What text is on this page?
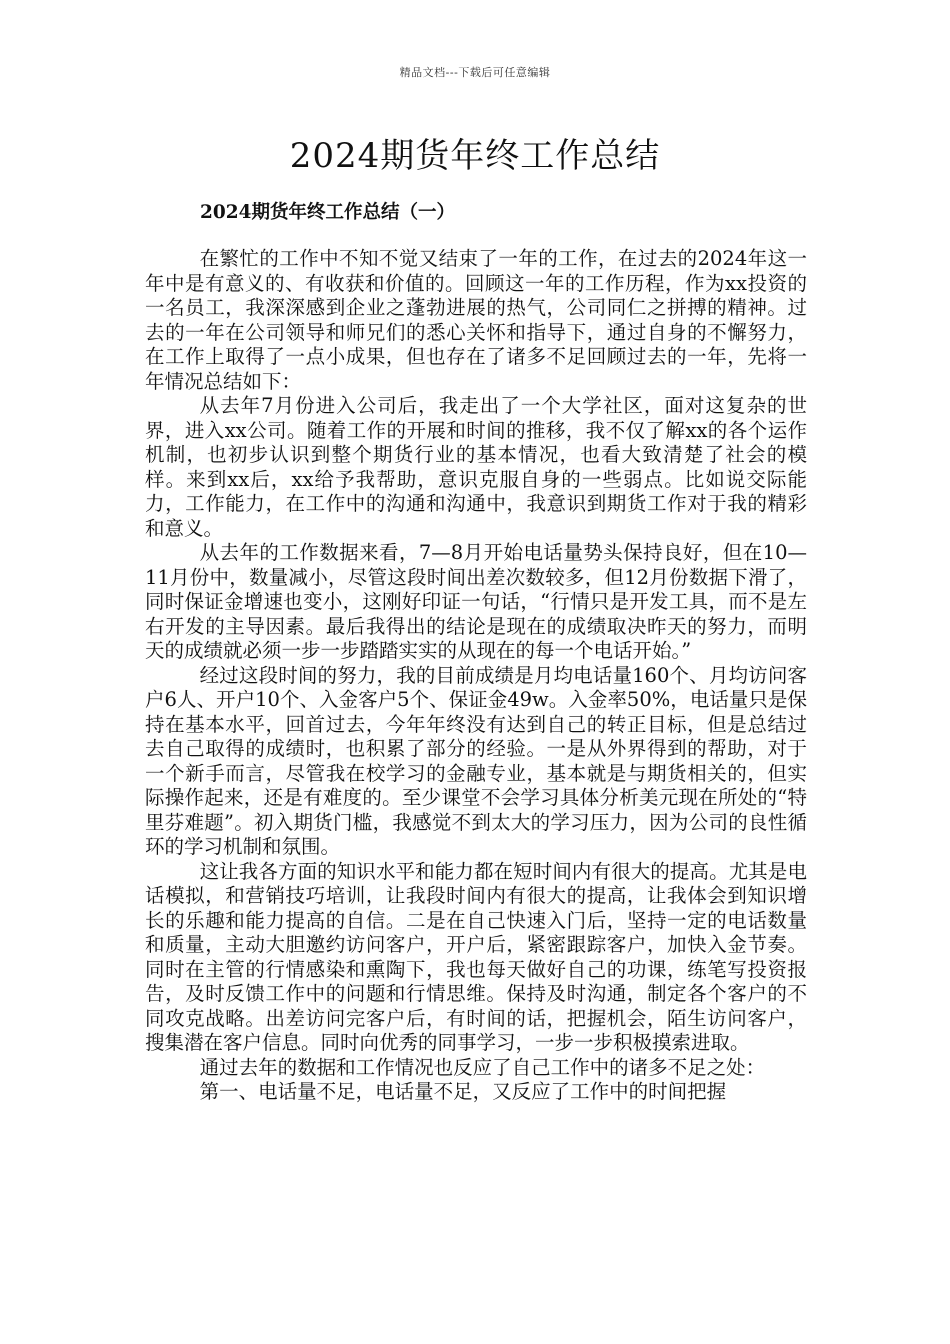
精品文档---下载后可任意编辑
2024期货年终工作总结
2024期货年终工作总结（一）

在繁忙的工作中不知不觉又结束了一年的工作，在过去的2024年这一年中是有意义的、有收获和价值的。回顾这一年的工作历程，作为xx投资的一名员工，我深深感到企业之蓬勃进展的热气，公司同仁之拼搏的精神。过去的一年在公司领导和师兄们的悉心关怀和指导下，通过自身的不懈努力，在工作上取得了一点小成果，但也存在了诸多不足回顾过去的一年，先将一年情况总结如下：

从去年7月份进入公司后，我走出了一个大学社区，面对这复杂的世界，进入xx公司。随着工作的开展和时间的推移，我不仅了解xx的各个运作机制，也初步认识到整个期货行业的基本情况，也看大致清楚了社会的模样。来到xx后，xx给予我帮助，意识克服自身的一些弱点。比如说交际能力，工作能力，在工作中的沟通和沟通中，我意识到期货工作对于我的精彩和意义。

从去年的工作数据来看，7—8月开始电话量势头保持良好，但在10—11月份中，数量减小，尽管这段时间出差次数较多，但12月份数据下滑了，同时保证金增速也变小，这刚好印证一句话，“行情只是开发工具，而不是左右开发的主导因素。最后我得出的结论是现在的成绩取决昨天的努力，而明天的成绩就必须一步一步踏踏实实的从现在的每一个电话开始。”

经过这段时间的努力，我的目前成绩是月均电话量160个、月均访问客户6人、开户10个、入金客户5个、保证金49w。入金率50%，电话量只是保持在基本水平，回首过去，今年年终没有达到自己的转正目标，但是总结过去自己取得的成绩时，也积累了部分的经验。一是从外界得到的帮助，对于一个新手而言，尽管我在校学习的金融专业，基本就是与期货相关的，但实际操作起来，还是有难度的。至少课堂不会学习具体分析美元现在所处的“特里芬难题”。初入期货门槛，我感觉不到太大的学习压力，因为公司的良性循环的学习机制和氛围。

这让我各方面的知识水平和能力都在短时间内有很大的提高。尤其是电话模拟，和营销技巧培训，让我段时间内有很大的提高，让我体会到知识增长的乐趣和能力提高的自信。二是在自己快速入门后，坚持一定的电话数量和质量，主动大胆邀约访问客户，开户后，紧密跟踪客户，加快入金节奏。同时在主管的行情感染和熏陶下，我也每天做好自己的功课，练笔写投资报告，及时反馈工作中的问题和行情思维。保持及时沟通，制定各个客户的不同攻克战略。出差访问完客户后，有时间的话，把握机会，陌生访问客户，搜集潜在客户信息。同时向优秀的同事学习，一步一步积极摸索进取。

通过去年的数据和工作情况也反应了自己工作中的诸多不足之处：

第一、电话量不足，电话量不足，又反应了工作中的时间把握
